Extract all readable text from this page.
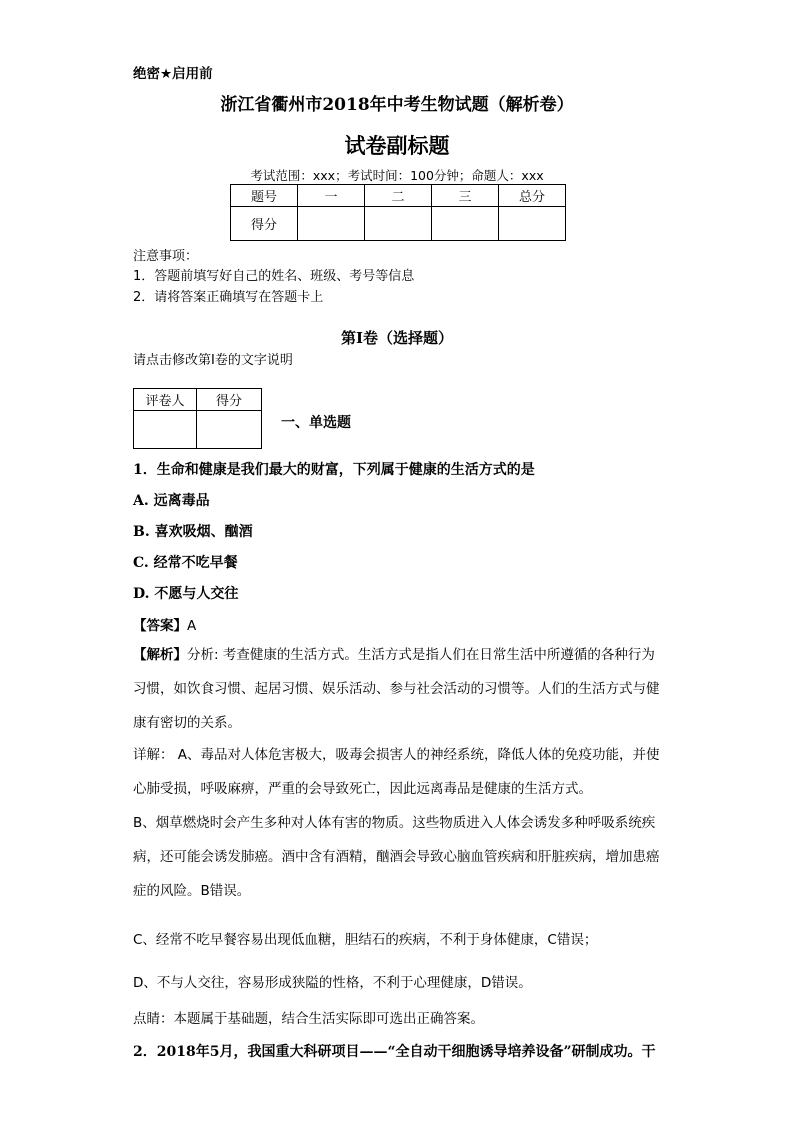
绝密★启用前
浙江省衢州市2018年中考生物试题（解析卷）
试卷副标题
考试范围：xxx；考试时间：100分钟；命题人：xxx
题号	一	二	三	总分
得分				
注意事项：
1．答题前填写好自己的姓名、班级、考号等信息
2．请将答案正确填写在答题卡上
第I卷（选择题）
请点击修改第I卷的文字说明
评卷人	得分

一、单选题
1．生命和健康是我们最大的财富，下列属于健康的生活方式的是
A. 远离毒品
B. 喜欢吸烟、酗酒
C. 经常不吃早餐
D. 不愿与人交往
【答案】A
【解析】分析: 考查健康的生活方式。生活方式是指人们在日常生活中所遵循的各种行为习惯，如饮食习惯、起居习惯、娱乐活动、参与社会活动的习惯等。人们的生活方式与健康有密切的关系。
详解： A、毒品对人体危害极大，吸毒会损害人的神经系统，降低人体的免疫功能，并使心肺受损，呼吸麻痹，严重的会导致死亡，因此远离毒品是健康的生活方式。
B、烟草燃烧时会产生多种对人体有害的物质。这些物质进入人体会诱发多种呼吸系统疾病，还可能会诱发肺癌。酒中含有酒精，酗酒会导致心脑血管疾病和肝脏疾病，增加患癌症的风险。B错误。
C、经常不吃早餐容易出现低血糖，胆结石的疾病，不利于身体健康，C错误；
D、不与人交往，容易形成狭隘的性格，不利于心理健康，D错误。
点睛：本题属于基础题，结合生活实际即可选出正确答案。
2．2018年5月，我国重大科研项目——“全自动干细胞诱导培养设备”研制成功。干
